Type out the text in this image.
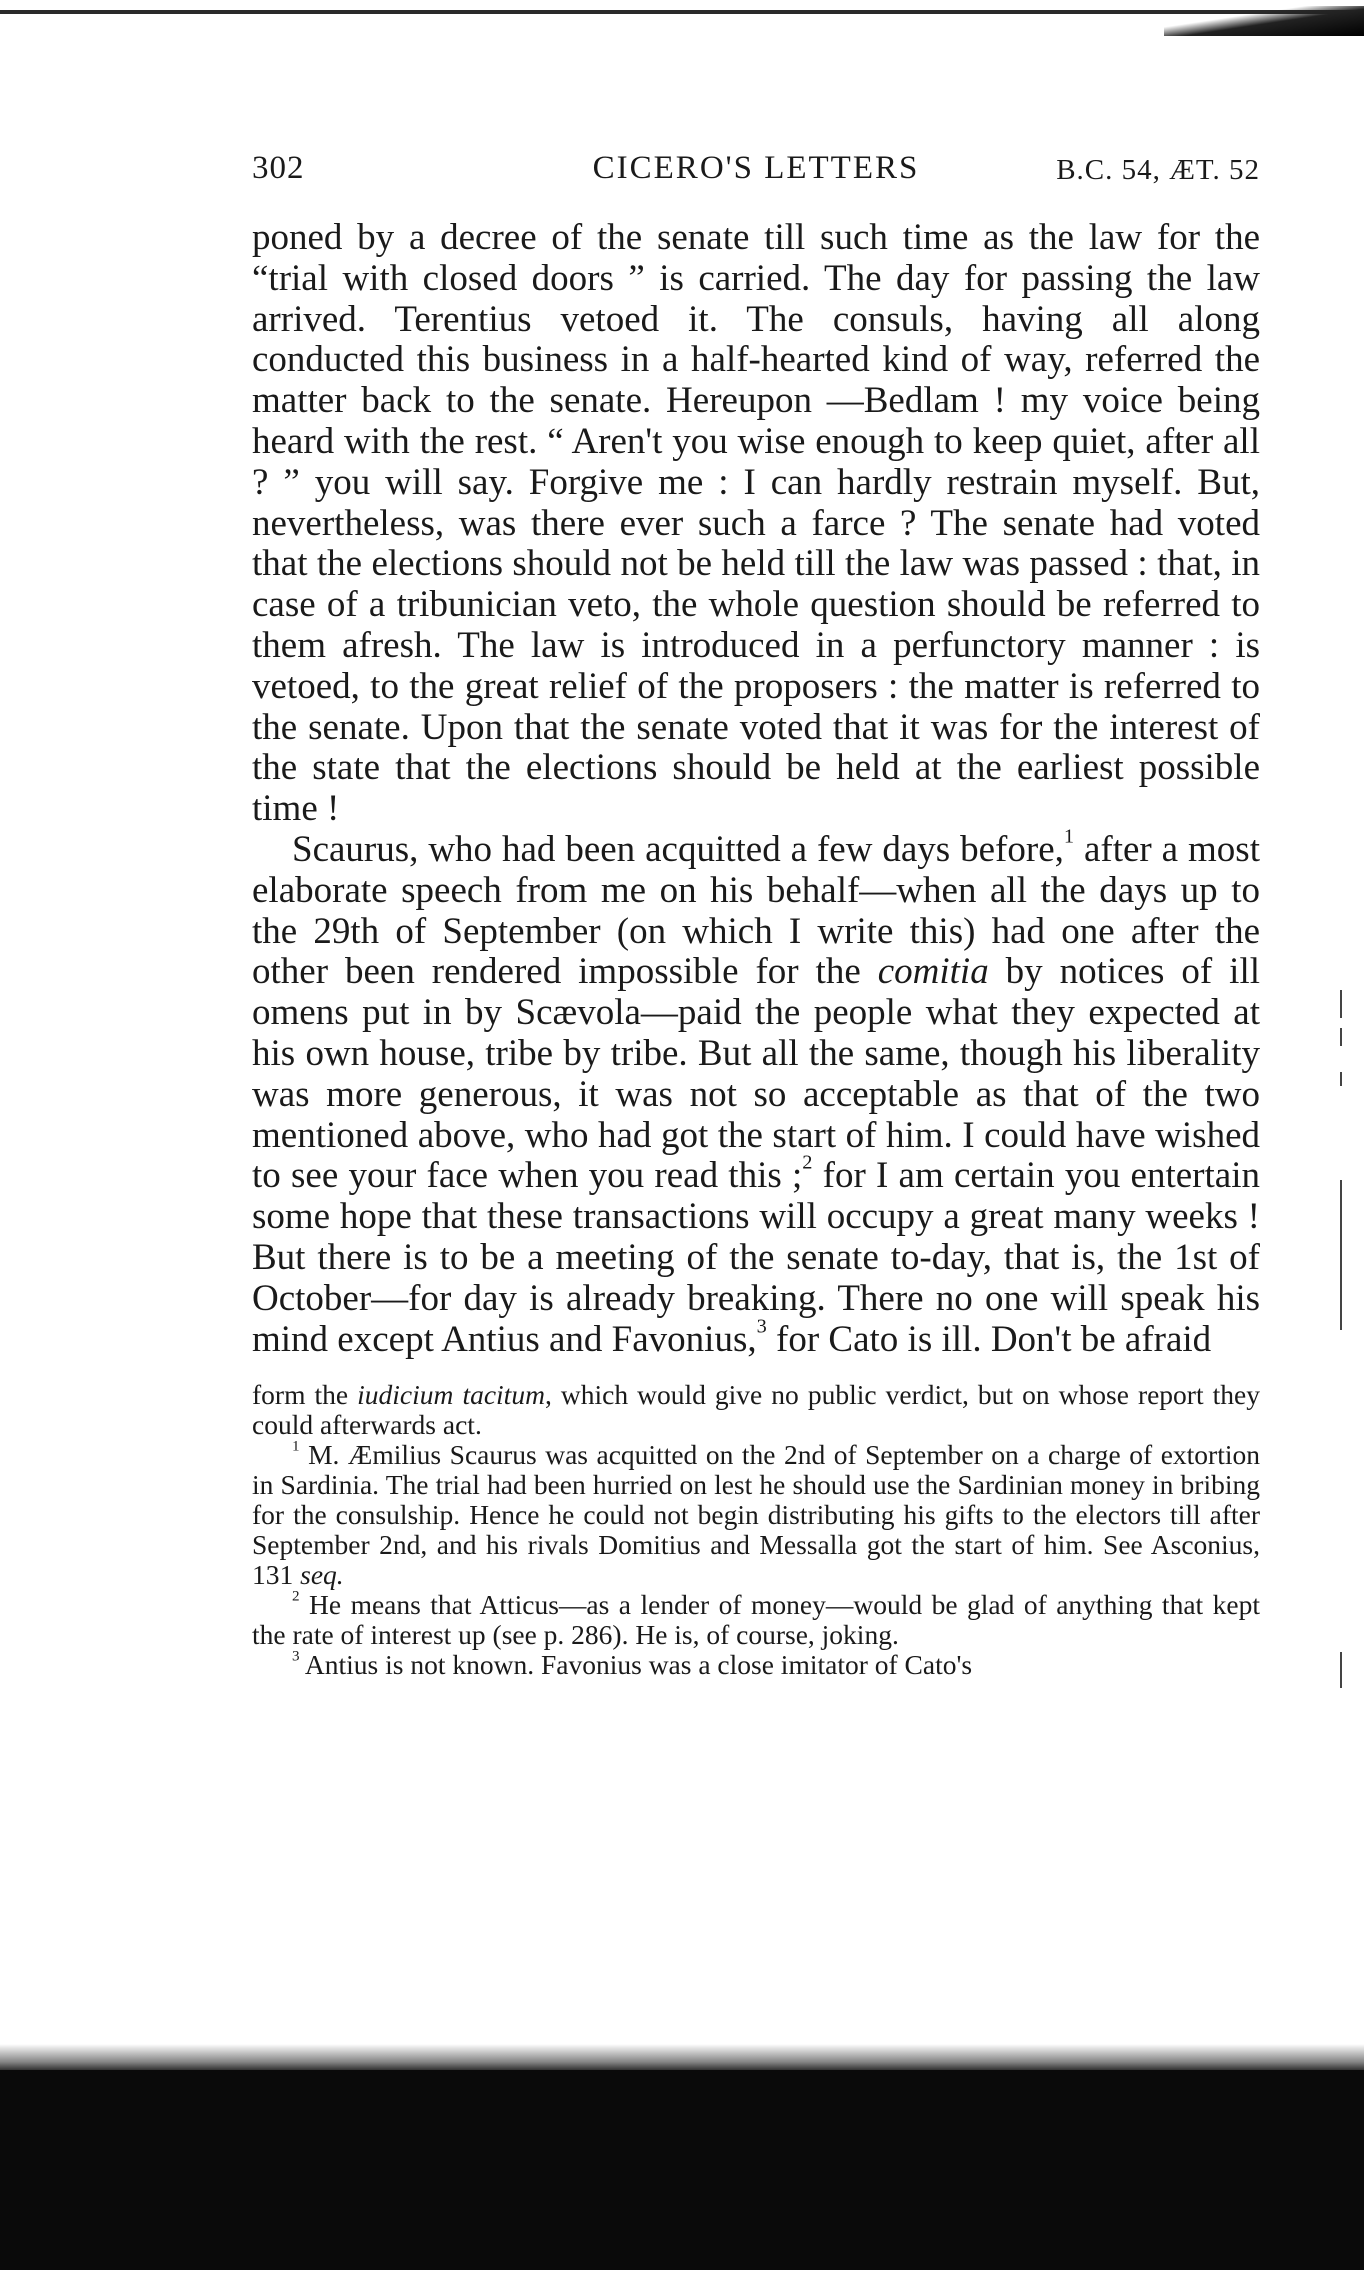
302	CICERO'S LETTERS	B.C. 54, ÆT. 52

poned by a decree of the senate till such time as the law for the “trial with closed doors ” is carried. The day for passing the law arrived. Terentius vetoed it. The consuls, having all along conducted this business in a half-hearted kind of way, referred the matter back to the senate. Hereupon —Bedlam ! my voice being heard with the rest. “ Aren't you wise enough to keep quiet, after all ? ” you will say. Forgive me : I can hardly restrain myself. But, nevertheless, was there ever such a farce ? The senate had voted that the elections should not be held till the law was passed : that, in case of a tribunician veto, the whole question should be referred to them afresh. The law is introduced in a perfunctory manner : is vetoed, to the great relief of the proposers : the matter is referred to the senate. Upon that the senate voted that it was for the interest of the state that the elections should be held at the earliest possible time !

Scaurus, who had been acquitted a few days before,$^1$ after a most elaborate speech from me on his behalf—when all the days up to the 29th of September (on which I write this) had one after the other been rendered impossible for the comitia by notices of ill omens put in by Scævola—paid the people what they expected at his own house, tribe by tribe. But all the same, though his liberality was more generous, it was not so acceptable as that of the two mentioned above, who had got the start of him. I could have wished to see your face when you read this ;$^2$ for I am certain you entertain some hope that these transactions will occupy a great many weeks ! But there is to be a meeting of the senate to-day, that is, the 1st of October—for day is already breaking. There no one will speak his mind except Antius and Favonius,$^3$ for Cato is ill. Don't be afraid

form the iudicium tacitum, which would give no public verdict, but on whose report they could afterwards act.

$^1$ M. Æmilius Scaurus was acquitted on the 2nd of September on a charge of extortion in Sardinia. The trial had been hurried on lest he should use the Sardinian money in bribing for the consulship. Hence he could not begin distributing his gifts to the electors till after September 2nd, and his rivals Domitius and Messalla got the start of him. See Asconius, 131 seq.

$^2$ He means that Atticus—as a lender of money—would be glad of anything that kept the rate of interest up (see p. 286). He is, of course, joking.

$^3$ Antius is not known. Favonius was a close imitator of Cato's
